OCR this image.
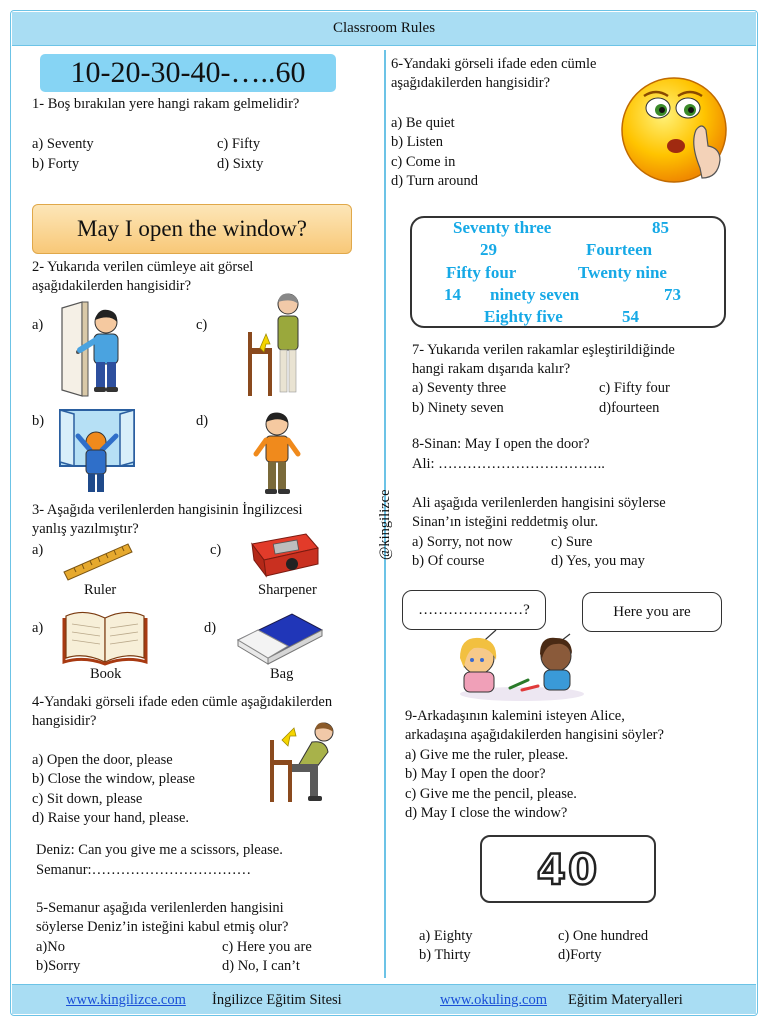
Classroom Rules
@kingilizce
10-20-30-40-…..60
1- Boş bırakılan yere hangi rakam gelmelidir?
a) Seventy
b) Forty
c) Fifty
d) Sixty
May I open the window?
2- Yukarıda verilen cümleye ait görsel
aşağıdakilerden hangisidir?
a)	c)
b)	d)
3- Aşağıda verilenlerden hangisinin İngilizcesi
yanlış yazılmıştır?
a)	c)
a)	d)
Ruler	Sharpener
Book	Bag
4-Yandaki görseli ifade eden cümle aşağıdakilerden
hangisidir?
a) Open the door, please
b) Close the window, please
c) Sit down, please
d) Raise your hand, please.
Deniz: Can you give me a scissors, please.
Semanur:……………………………
5-Semanur aşağıda verilenlerden hangisini
söylerse Deniz’in isteğini kabul etmiş olur?
a)No
b)Sorry
c) Here you are
d) No, I can’t
6-Yandaki görseli ifade eden cümle
aşağıdakilerden hangisidir?
a) Be quiet
b) Listen
c) Come in
d) Turn around
Seventy three	85
29	Fourteen
Fifty four	Twenty nine
14 ninety seven	73
Eighty five	54
7- Yukarıda verilen rakamlar eşleştirildiğinde
hangi rakam dışarıda kalır?
a) Seventy three
b) Ninety seven
c) Fifty four
d)fourteen
8-Sinan: May I open the door?
Ali: ……………………………..
Ali aşağıda verilenlerden hangisini söylerse
Sinan’ın isteğini reddetmiş olur.
a) Sorry, not now
b) Of course
c) Sure
d) Yes, you may
…………………?	Here you are
9-Arkadaşının kalemini isteyen Alice,
arkadaşına aşağıdakilerden hangisini söyler?
a) Give me the ruler, please.
b) May I open the door?
c) Give me the pencil, please.
d) May I close the window?
40
a) Eighty
b) Thirty
c) One hundred
d)Forty
www.kingilizce.com İngilizce Eğitim Sitesi	www.okuling.com Eğitim Materyalleri
